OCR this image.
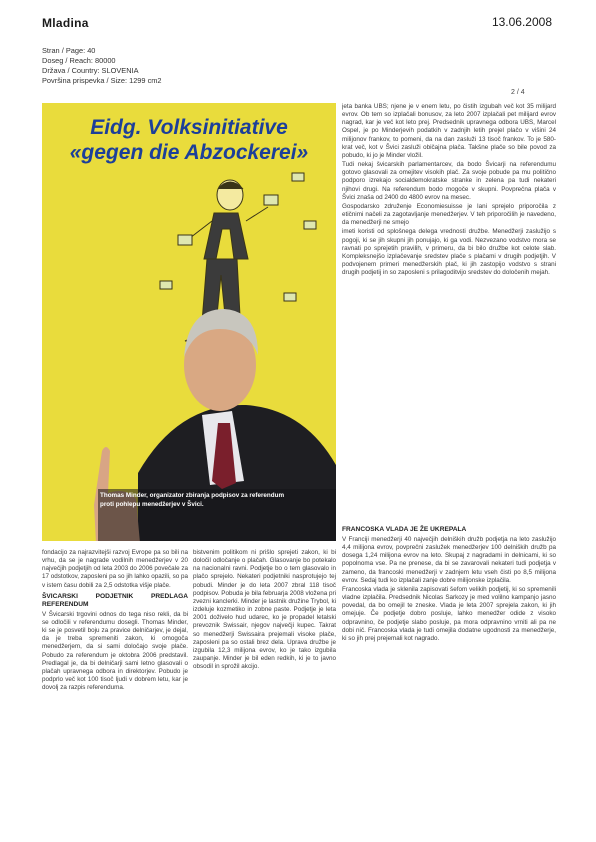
Mladina	13.06.2008
Stran / Page: 40
Doseg / Reach: 80000
Država / Country: SLOVENIA
Površina prispevka / Size: 1299 cm2
2 / 4
Eidg. Volksinitiative
«gegen die Abzockerei»
Thomas Minder, organizator zbiranja podpisov za referendum proti pohlepu menedžerjev v Švici.

jeta banka UBS; njene je v enem letu, po čistih izgubah več kot 35 milijard evrov. Ob tem so izplačali bonusov, za leto 2007 izplačali pet milijard evrov nagrad, kar je več kot leto prej. Predsednik upravnega odbora UBS, Marcel Ospel, je po Minderjevih podatkih v zadnjih letih prejel plačo v višini 24 milijonov frankov, to pomeni, da na dan zasluži 13 tisoč frankov. To je 580-krat več, kot v Švici zasluži običajna plača. Takšne plače so bile povod za pobudo, ki jo je Minder vložil.

Tudi nekaj švicarskih parlamentarcev, da bodo Švicarji na referendumu gotovo glasovali za omejitev visokih plač. Za svoje pobude pa mu politično podporo izrekajo socialdemokratske stranke in zelena pa tudi nekateri njihovi drugi. Na referendum bodo mogoče v skupni. Povprečna plača v Švici znaša od 2400 do 4800 evrov na mesec.

Gospodarsko združenje Economiesuisse je lani sprejelo priporočila z etičnimi načeli za zagotavljanje menedžerjev. V teh priporočilih je navedeno, da menedžerji ne smejo

imeti koristi od splošnega delega vrednosti družbe. Menedžerji zaslužijo s pogoji, ki se jih skupni jih ponujajo, ki ga vodi. Nezvezano vodstvo mora se ravnati po sprejetih pravilih, v primeru, da bi bilo družbe kot celote slab. Kompleksnejšo izplačevanje sredstev plače s plačami v drugih podjetjih. V podvojenem primeri menedžerskih plač, ki jih zastopijo vodstvo s strani drugih podjetij in so zaposleni s prilagoditvijo sredstev do določenih mejah.

FRANCOSKA VLADA JE ŽE UKREPALA

V Franciji menedžerji 40 največjih delniških družb podjetja na leto zaslužijo 4,4 milijona evrov, povprečni zaslužek menedžerjev 100 delniških družb pa dosega 1,24 milijona evrov na leto. Skupaj z nagradami in delnicami, ki so popolnoma vse. Pa ne prenese, da bi se zavarovali nekateri tudi podjetja v zameno, da francoski menedžerji v zadnjem letu vseh čisti po 8,5 milijona evrov. Sedaj tudi ko izplačali zanje dobre milijonske izplačila.

Francoska vlada je sklenila zapisovati šefom velikih podjetij, ki so spremenili vladne izplačila. Predsednik Nicolas Sarkozy je med volilno kampanjo jasno povedal, da bo omejil te zneske. Vlada je leta 2007 sprejela zakon, ki jih omejuje. Če podjetje dobro posluje, lahko menedžer odide z visoko odpravnino, če podjetje slabo posluje, pa mora odpravnino vrniti ali pa ne dobi nič. Francoska vlada je tudi omejila dodatne ugodnosti za menedžerje, ki so jih prej prejemali kot nagrado.

fondacijo za najrazvitejši razvoj Evrope pa so bili na vrhu, da se je nagrade vodilnih menedžerjev v 20 največjih podjetjih od leta 2003 do 2006 povečale za 17 odstotkov, zaposleni pa so jih lahko opazili, so pa v istem času dobili za 2,5 odstotka višje plače.

ŠVICARSKI PODJETNIK PREDLAGA REFERENDUM

V Švicarski trgovini odnos do tega niso rekli, da bi se odločili v referendumu dosegli. Thomas Minder, ki se je posvetil boju za pravice delničarjev, je dejal, da je treba spremeniti zakon, ki omogoča menedžerjem, da si sami določajo svoje plače. Pobudo za referendum je oktobra 2006 predstavil. Predlagal je, da bi delničarji sami letno glasovali o plačah upravnega odbora in direktorjev. Pobudo je podprlo več kot 100 tisoč ljudi v dobrem letu, kar je dovolj za razpis referenduma.

bistvenim politikom ni prišlo sprejeti zakon, ki bi določil odločanje o plačah. Glasovanje bo potekalo na nacionalni ravni. Podjetje bo o tem glasovalo in plačo sprejelo. Nekateri podjetniki nasprotujejo tej pobudi. Minder je do leta 2007 zbral 118 tisoč podpisov. Pobuda je bila februarja 2008 vložena pri zvezni kanclerki. Minder je lastnik družine Trybol, ki izdeluje kozmetiko in zobne paste. Podjetje je leta 2001 doživelo hud udarec, ko je propadel letalski prevoznik Swissair, njegov največji kupec. Takrat so menedžerji Swissaira prejemali visoke plače, zaposleni pa so ostali brez dela. Uprava družbe je izgubila 12,3 milijona evrov, ko je tako izgubila zaupanje. Minder je bil eden redkih, ki je to javno obsodil in sprožil akcijo.
